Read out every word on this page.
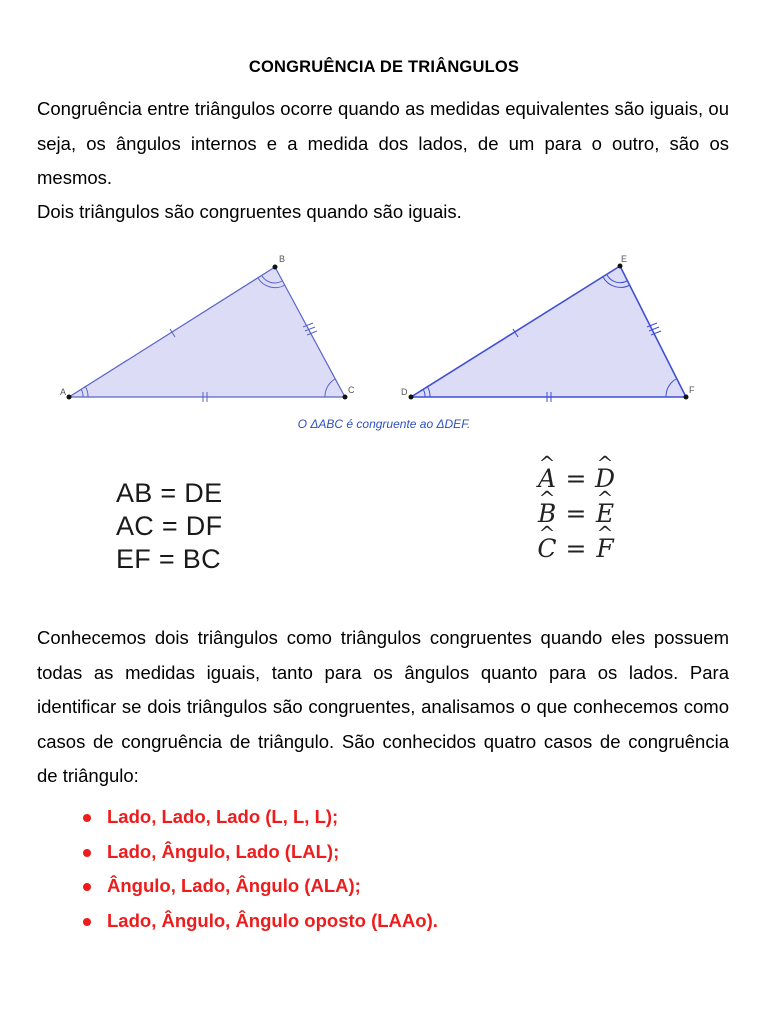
CONGRUÊNCIA DE TRIÂNGULOS
Congruência entre triângulos ocorre quando as medidas equivalentes são iguais, ou seja, os ângulos internos e a medida dos lados, de um para o outro, são os mesmos.
Dois triângulos são congruentes quando são iguais.
A
B
C	D
E
F
O ΔABC é congruente ao ΔDEF.
AB = DE
AC = DF
EF = BC
^ A = ^ D
^ B = ^ E
^ C = ^ F
Conhecemos dois triângulos como triângulos congruentes quando eles possuem todas as medidas iguais, tanto para os ângulos quanto para os lados. Para identificar se dois triângulos são congruentes, analisamos o que conhecemos como casos de congruência de triângulo. São conhecidos quatro casos de congruência de triângulo:
Lado, Lado, Lado (L, L, L);
Lado, Ângulo, Lado (LAL);
Ângulo, Lado, Ângulo (ALA);
Lado, Ângulo, Ângulo oposto (LAAo).
